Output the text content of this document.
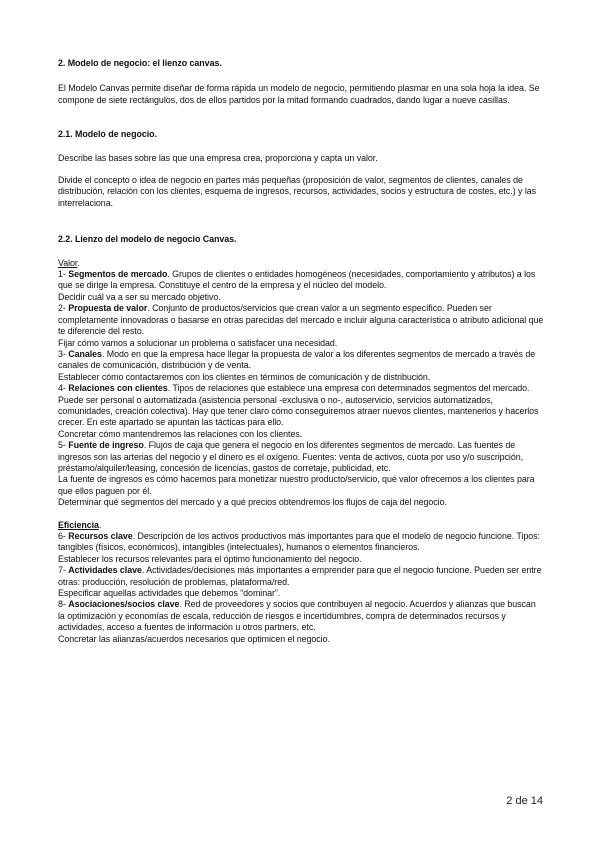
2. Modelo de negocio: el lienzo canvas.

El Modelo Canvas permite diseñar de forma rápida un modelo de negocio, permitiendo plasmar en una sola hoja la idea. Se compone de siete rectángulos, dos de ellos partidos por la mitad formando cuadrados, dando lugar a nueve casillas.

2.1. Modelo de negocio.

Describe las bases sobre las que una empresa crea, proporciona y capta un valor.

Divide el concepto o idea de negocio en partes más pequeñas (proposición de valor, segmentos de clientes, canales de distribución, relación con los clientes, esquema de ingresos, recursos, actividades, socios y estructura de costes, etc.) y las interrelaciona.

2.2. Lienzo del modelo de negocio Canvas.

Valor.

1- Segmentos de mercado. Grupos de clientes o entidades homogéneos (necesidades, comportamiento y atributos) a los que se dirige la empresa. Constituye el centro de la empresa y el núcleo del modelo.

Decidir cuál va a ser su mercado objetivo.

2- Propuesta de valor. Conjunto de productos/servicios que crean valor a un segmento específico. Pueden ser completamente innovadoras o basarse en otras parecidas del mercado e incluir alguna característica o atributo adicional que te diferencie del resto.

Fijar cómo vamos a solucionar un problema o satisfacer una necesidad.

3- Canales. Modo en que la empresa hace llegar la propuesta de valor a los diferentes segmentos de mercado a través de canales de comunicación, distribución y de venta.

Establecer cómo contactaremos con los clientes en términos de comunicación y de distribución.

4- Relaciones con clientes. Tipos de relaciones que establece una empresa con determinados segmentos del mercado. Puede ser personal o automatizada (asistencia personal -exclusiva o no-, autoservicio, servicios automatizados, comunidades, creación colectiva). Hay que tener claro cómo conseguiremos atraer nuevos clientes, mantenerlos y hacerlos crecer. En este apartado se apuntan las tácticas para ello.

Concretar cómo mantendremos las relaciones con los clientes.

5- Fuente de ingreso. Flujos de caja que genera el negocio en los diferentes segmentos de mercado. Las fuentes de ingresos son las arterias del negocio y el dinero es el oxígeno. Fuentes: venta de activos, cuota por uso y/o suscripción, préstamo/alquiler/leasing, concesión de licencias, gastos de corretaje, publicidad, etc.

La fuente de ingresos es cómo hacemos para monetizar nuestro producto/servicio, qué valor ofrecemos a los clientes para que ellos paguen por él.

Determinar qué segmentos del mercado y a qué precios obtendremos los flujos de caja del negocio.

Eficiencia.

6- Recursos clave. Descripción de los activos productivos más importantes para que el modelo de negocio funcione. Tipos: tangibles (físicos, económicos), intangibles (intelectuales), humanos o elementos financieros.

Establecer los recursos relevantes para el óptimo funcionamiento del negocio.

7- Actividades clave. Actividades/decisiones más importantes a emprender para que el negocio funcione. Pueden ser entre otras: producción, resolución de problemas, plataforma/red.

Especificar aquellas actividades que debemos “dominar”.

8- Asociaciones/socios clave. Red de proveedores y socios que contribuyen al negocio. Acuerdos y alianzas que buscan la optimización y economías de escala, reducción de riesgos e incertidumbres, compra de determinados recursos y actividades, acceso a fuentes de información u otros partners, etc.

Concretar las alianzas/acuerdos necesarios que optimicen el negocio.

2 de 14
